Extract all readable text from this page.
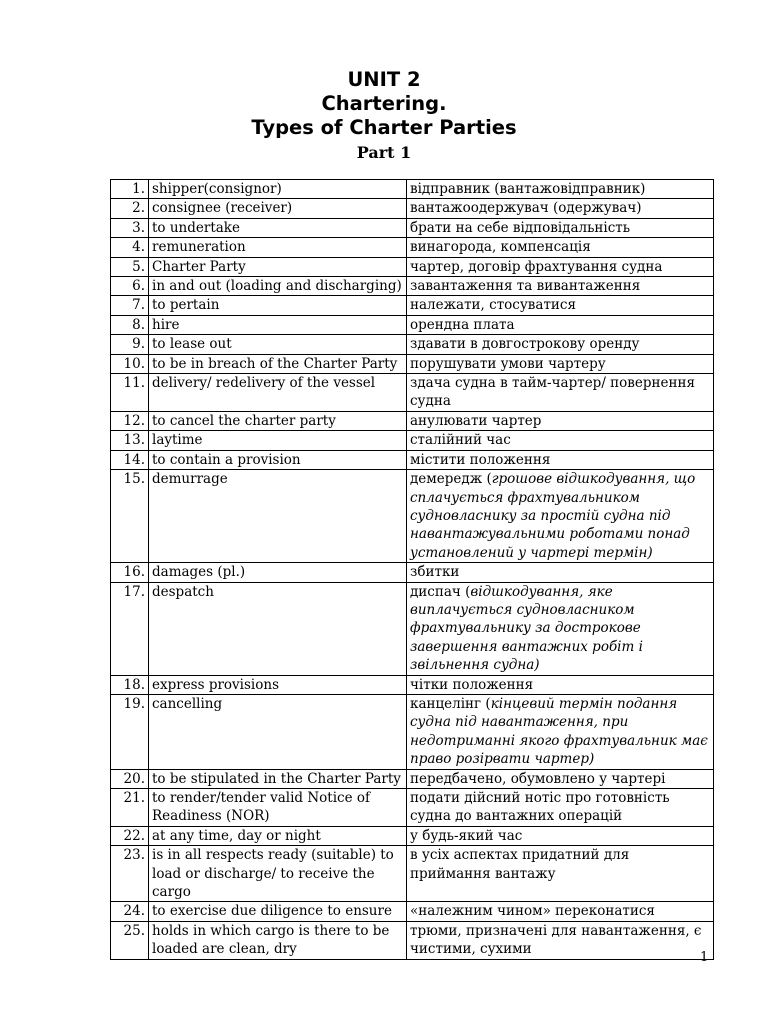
UNIT 2
Chartering.
Types of Charter Parties
Part 1
1.	shipper(consignor)	відправник (вантажовідправник)
2.	consignee (receiver)	вантажоодержувач (одержувач)
3.	to undertake	брати на себе відповідальність
4.	remuneration	винагорода, компенсація
5.	Charter Party	чартер, договір фрахтування судна
6.	in and out (loading and discharging)	завантаження та вивантаження
7.	to pertain	належати, стосуватися
8.	hire	орендна плата
9.	to lease out	здавати в довгострокову оренду
10.	to be in breach of the Charter Party	порушувати умови чартеру
11.	delivery/ redelivery of the vessel	здача судна в тайм-чартер/ повернення судна
12.	to cancel the charter party	анулювати чартер
13.	laytime	сталійний час
14.	to contain a provision	містити положення
15.	demurrage	демередж (грошове відшкодування, що сплачується фрахтувальником судновласнику за простій судна під навантажувальними роботами понад установлений у чартері термін)
16.	damages (pl.)	збитки
17.	despatch	диспач (відшкодування, яке виплачується судновласником фрахтувальнику за дострокове завершення вантажних робіт і звільнення судна)
18.	express provisions	чітки положення
19.	cancelling	канцелінг (кінцевий термін подання судна під навантаження, при недотриманні якого фрахтувальник має право розірвати чартер)
20.	to be stipulated in the Charter Party	передбачено, обумовлено у чартері
21.	to render/tender valid Notice of Readiness (NOR)	подати дійсний нотіс про готовність судна до вантажних операцій
22.	at any time, day or night	у будь-який час
23.	is in all respects ready (suitable) to load or discharge/ to receive the cargo	в усіх аспектах придатний для приймання вантажу
24.	to exercise due diligence to ensure	«належним чином» переконатися
25.	holds in which cargo is there to be loaded are clean, dry	трюми, призначені для навантаження, є чистими, сухими
1
